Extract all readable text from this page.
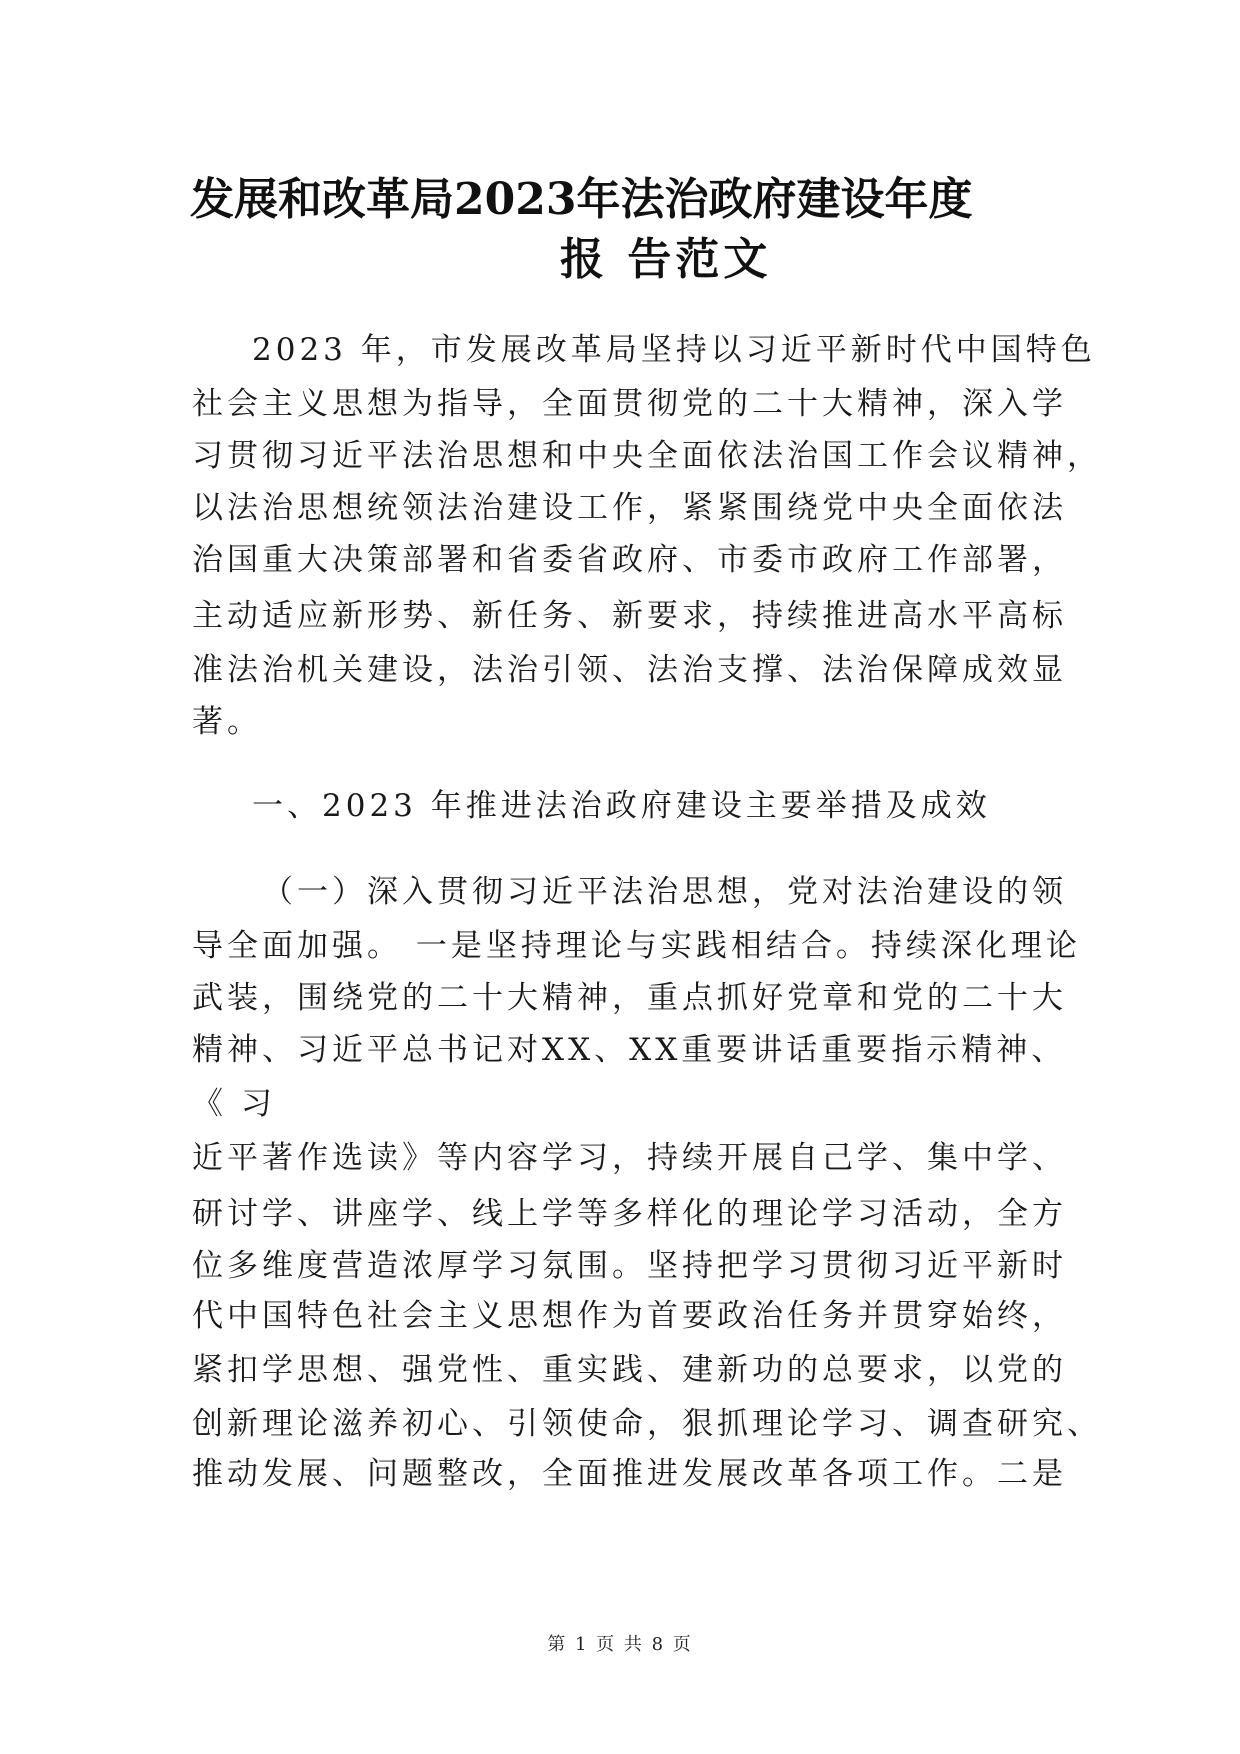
发展和改革局2023年法治政府建设年度
报 告范文
2023 年，市发展改革局坚持以习近平新时代中国特色
社会主义思想为指导，全面贯彻党的二十大精神，深入学
习贯彻习近平法治思想和中央全面依法治国工作会议精神，
以法治思想统领法治建设工作，紧紧围绕党中央全面依法
治国重大决策部署和省委省政府、市委市政府工作部署，
主动适应新形势、新任务、新要求，持续推进高水平高标
准法治机关建设，法治引领、法治支撑、法治保障成效显
著。
一、2023 年推进法治政府建设主要举措及成效
（一）深入贯彻习近平法治思想，党对法治建设的领
导全面加强。 一是坚持理论与实践相结合。持续深化理论
武装，围绕党的二十大精神，重点抓好党章和党的二十大
精神、习近平总书记对XX、XX重要讲话重要指示精神、
《 习
近平著作选读》等内容学习，持续开展自己学、集中学、
研讨学、讲座学、线上学等多样化的理论学习活动，全方
位多维度营造浓厚学习氛围。坚持把学习贯彻习近平新时
代中国特色社会主义思想作为首要政治任务并贯穿始终，
紧扣学思想、强党性、重实践、建新功的总要求，以党的
创新理论滋养初心、引领使命，狠抓理论学习、调查研究、
推动发展、问题整改，全面推进发展改革各项工作。二是
第 1 页 共 8 页
